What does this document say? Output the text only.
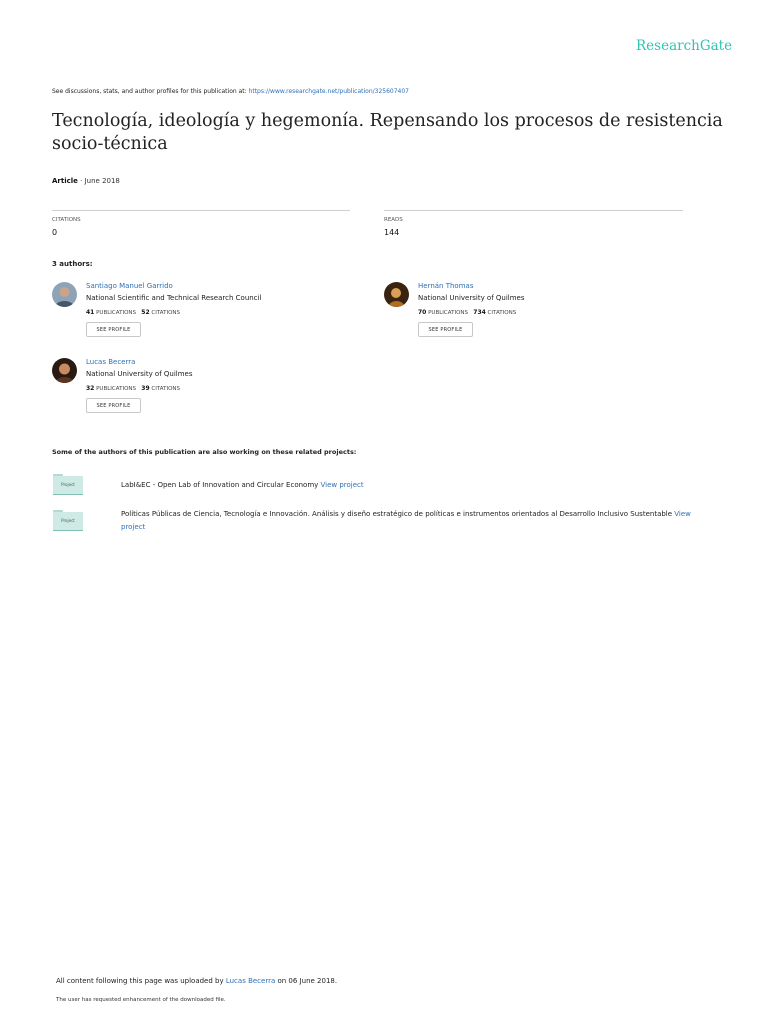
ResearchGate
See discussions, stats, and author profiles for this publication at: https://www.researchgate.net/publication/325607407
Tecnología, ideología y hegemonía. Repensando los procesos de resistencia
socio-técnica
Article · June 2018
CITATIONS
0
READS
144
3 authors:
Santiago Manuel Garrido
National Scientific and Technical Research Council
41 PUBLICATIONS 52 CITATIONS
SEE PROFILE
Hernán Thomas
National University of Quilmes
70 PUBLICATIONS 734 CITATIONS
SEE PROFILE
Lucas Becerra
National University of Quilmes
32 PUBLICATIONS 39 CITATIONS
SEE PROFILE
Some of the authors of this publication are also working on these related projects:
Project	LabI&EC - Open Lab of Innovation and Circular Economy View project
Project
Políticas Públicas de Ciencia, Tecnología e Innovación. Análisis y diseño estratégico de políticas e instrumentos orientados al Desarrollo Inclusivo Sustentable View project
All content following this page was uploaded by Lucas Becerra on 06 June 2018.
The user has requested enhancement of the downloaded file.
